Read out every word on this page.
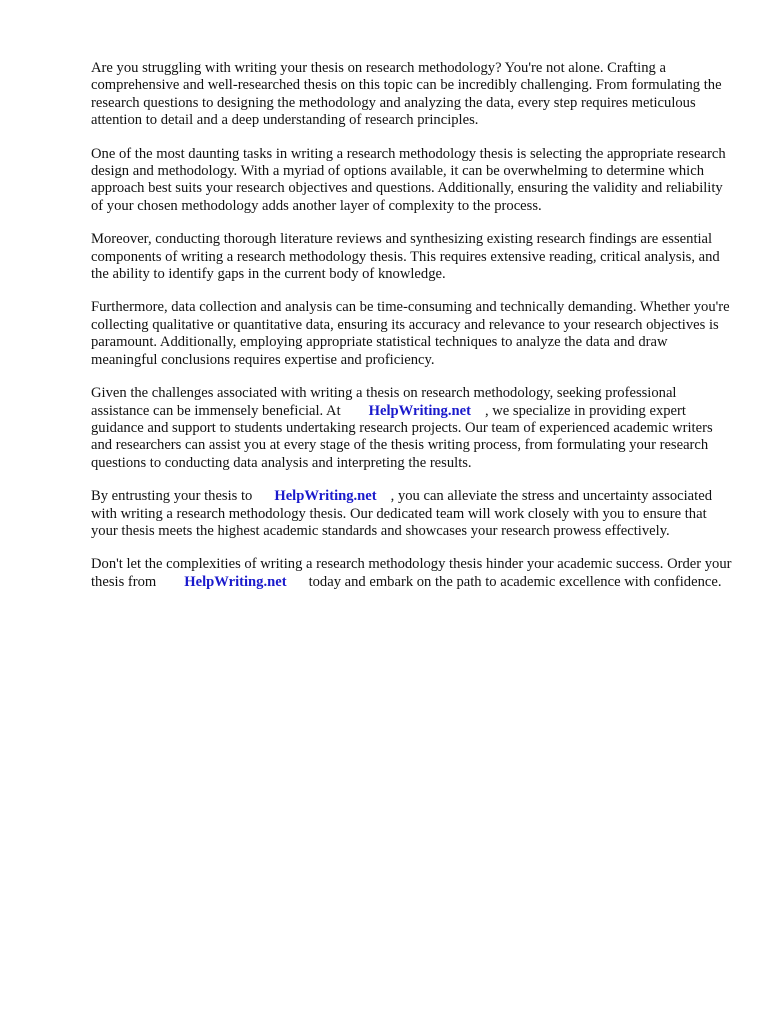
Are you struggling with writing your thesis on research methodology? You're not alone. Crafting a comprehensive and well-researched thesis on this topic can be incredibly challenging. From formulating the research questions to designing the methodology and analyzing the data, every step requires meticulous attention to detail and a deep understanding of research principles.

One of the most daunting tasks in writing a research methodology thesis is selecting the appropriate research design and methodology. With a myriad of options available, it can be overwhelming to determine which approach best suits your research objectives and questions. Additionally, ensuring the validity and reliability of your chosen methodology adds another layer of complexity to the process.

Moreover, conducting thorough literature reviews and synthesizing existing research findings are essential components of writing a research methodology thesis. This requires extensive reading, critical analysis, and the ability to identify gaps in the current body of knowledge.

Furthermore, data collection and analysis can be time-consuming and technically demanding. Whether you're collecting qualitative or quantitative data, ensuring its accuracy and relevance to your research objectives is paramount. Additionally, employing appropriate statistical techniques to analyze the data and draw meaningful conclusions requires expertise and proficiency.

Given the challenges associated with writing a thesis on research methodology, seeking professional assistance can be immensely beneficial. At HelpWriting.net , we specialize in providing expert guidance and support to students undertaking research projects. Our team of experienced academic writers and researchers can assist you at every stage of the thesis writing process, from formulating your research questions to conducting data analysis and interpreting the results.

By entrusting your thesis to HelpWriting.net , you can alleviate the stress and uncertainty associated with writing a research methodology thesis. Our dedicated team will work closely with you to ensure that your thesis meets the highest academic standards and showcases your research prowess effectively.

Don't let the complexities of writing a research methodology thesis hinder your academic success. Order your thesis from HelpWriting.net today and embark on the path to academic excellence with confidence.
